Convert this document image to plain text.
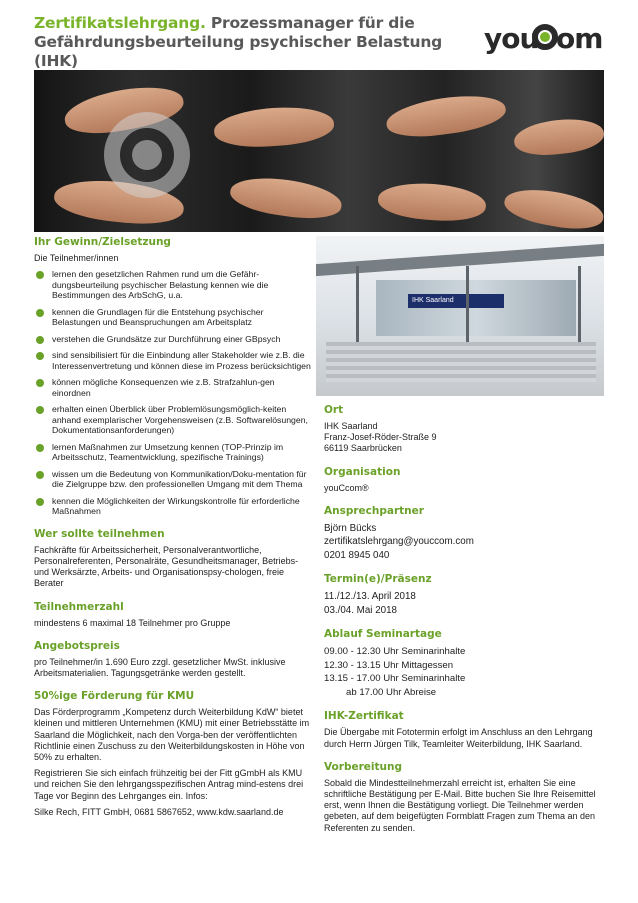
Zertifikatslehrgang. Prozessmanager für die
Gefährdungsbeurteilung psychischer Belastung (IHK)
you om
IHK Saarland
Ihr Gewinn/Zielsetzung
Die Teilnehmer/innen
lernen den gesetzlichen Rahmen rund um die Gefähr-dungsbeurteilung psychischer Belastung kennen wie die Bestimmungen des ArbSchG, u.a.
kennen die Grundlagen für die Entstehung psychischer Belastungen und Beanspruchungen am Arbeitsplatz
verstehen die Grundsätze zur Durchführung einer GBpsych
sind sensibilisiert für die Einbindung aller Stakeholder wie z.B. die Interessenvertretung und können diese im Prozess berücksichtigen
können mögliche Konsequenzen wie z.B. Strafzahlun-gen einordnen
erhalten einen Überblick über Problemlösungsmöglich-keiten anhand exemplarischer Vorgehensweisen (z.B. Softwarelösungen, Dokumentationsanforderungen)
lernen Maßnahmen zur Umsetzung kennen (TOP-Prinzip im Arbeitsschutz, Teamentwicklung, spezifische Trainings)
wissen um die Bedeutung von Kommunikation/Doku-mentation für die Zielgruppe bzw. den professionellen Umgang mit dem Thema
kennen die Möglichkeiten der Wirkungskontrolle für erforderliche Maßnahmen
Wer sollte teilnehmen
Fachkräfte für Arbeitssicherheit, Personalverantwortliche, Personalreferenten, Personalräte, Gesundheitsmanager, Betriebs- und Werksärzte, Arbeits- und Organisationspsy-chologen, freie Berater
Teilnehmerzahl
mindestens 6 maximal 18 Teilnehmer pro Gruppe
Angebotspreis
pro Teilnehmer/in 1.690 Euro zzgl. gesetzlicher MwSt. inklusive Arbeitsmaterialien. Tagungsgetränke werden gestellt.
50%ige Förderung für KMU
Das Förderprogramm „Kompetenz durch Weiterbildung KdW“ bietet kleinen und mittleren Unternehmen (KMU) mit einer Betriebsstätte im Saarland die Möglichkeit, nach den Vorga-ben der veröffentlichten Richtlinie einen Zuschuss zu den Weiterbildungskosten in Höhe von 50% zu erhalten.
Registrieren Sie sich einfach frühzeitig bei der Fitt gGmbH als KMU und reichen Sie den lehrgangsspezifischen Antrag mind-estens drei Tage vor Beginn des Lehrganges ein. Infos:
Silke Rech, FITT GmbH, 0681 5867652, www.kdw.saarland.de
Ort
IHK Saarland
Franz-Josef-Röder-Straße 9
66119 Saarbrücken
Organisation
youCcom®
Ansprechpartner
Björn Bücks
zertifikatslehrgang@youccom.com
0201 8945 040
Termin(e)/Präsenz
11./12./13. April 2018
03./04. Mai 2018
Ablauf Seminartage
09.00 - 12.30 Uhr Seminarinhalte
12.30 - 13.15 Uhr Mittagessen
13.15 - 17.00 Uhr Seminarinhalte
ab 17.00 Uhr Abreise
IHK-Zertifikat
Die Übergabe mit Fototermin erfolgt im Anschluss an den Lehrgang durch Herrn Jürgen Tilk, Teamleiter Weiterbildung, IHK Saarland.
Vorbereitung
Sobald die Mindestteilnehmerzahl erreicht ist, erhalten Sie eine schriftliche Bestätigung per E-Mail. Bitte buchen Sie Ihre Reisemittel erst, wenn Ihnen die Bestätigung vorliegt. Die Teilnehmer werden gebeten, auf dem beigefügten Formblatt Fragen zum Thema an den Referenten zu senden.
